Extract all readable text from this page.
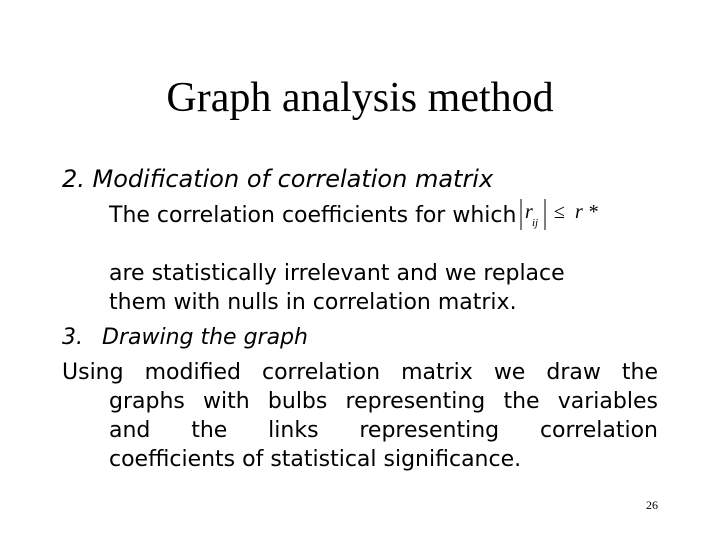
Graph analysis method
2. Modification of correlation matrix
The correlation coefficients for which r ij ≤ r *
are statistically irrelevant and we replace
them with nulls in correlation matrix.
3. Drawing the graph
Using modified correlation matrix we draw the
graphs with bulbs representing the variables
and the links representing correlation
coefficients of statistical significance.
26
